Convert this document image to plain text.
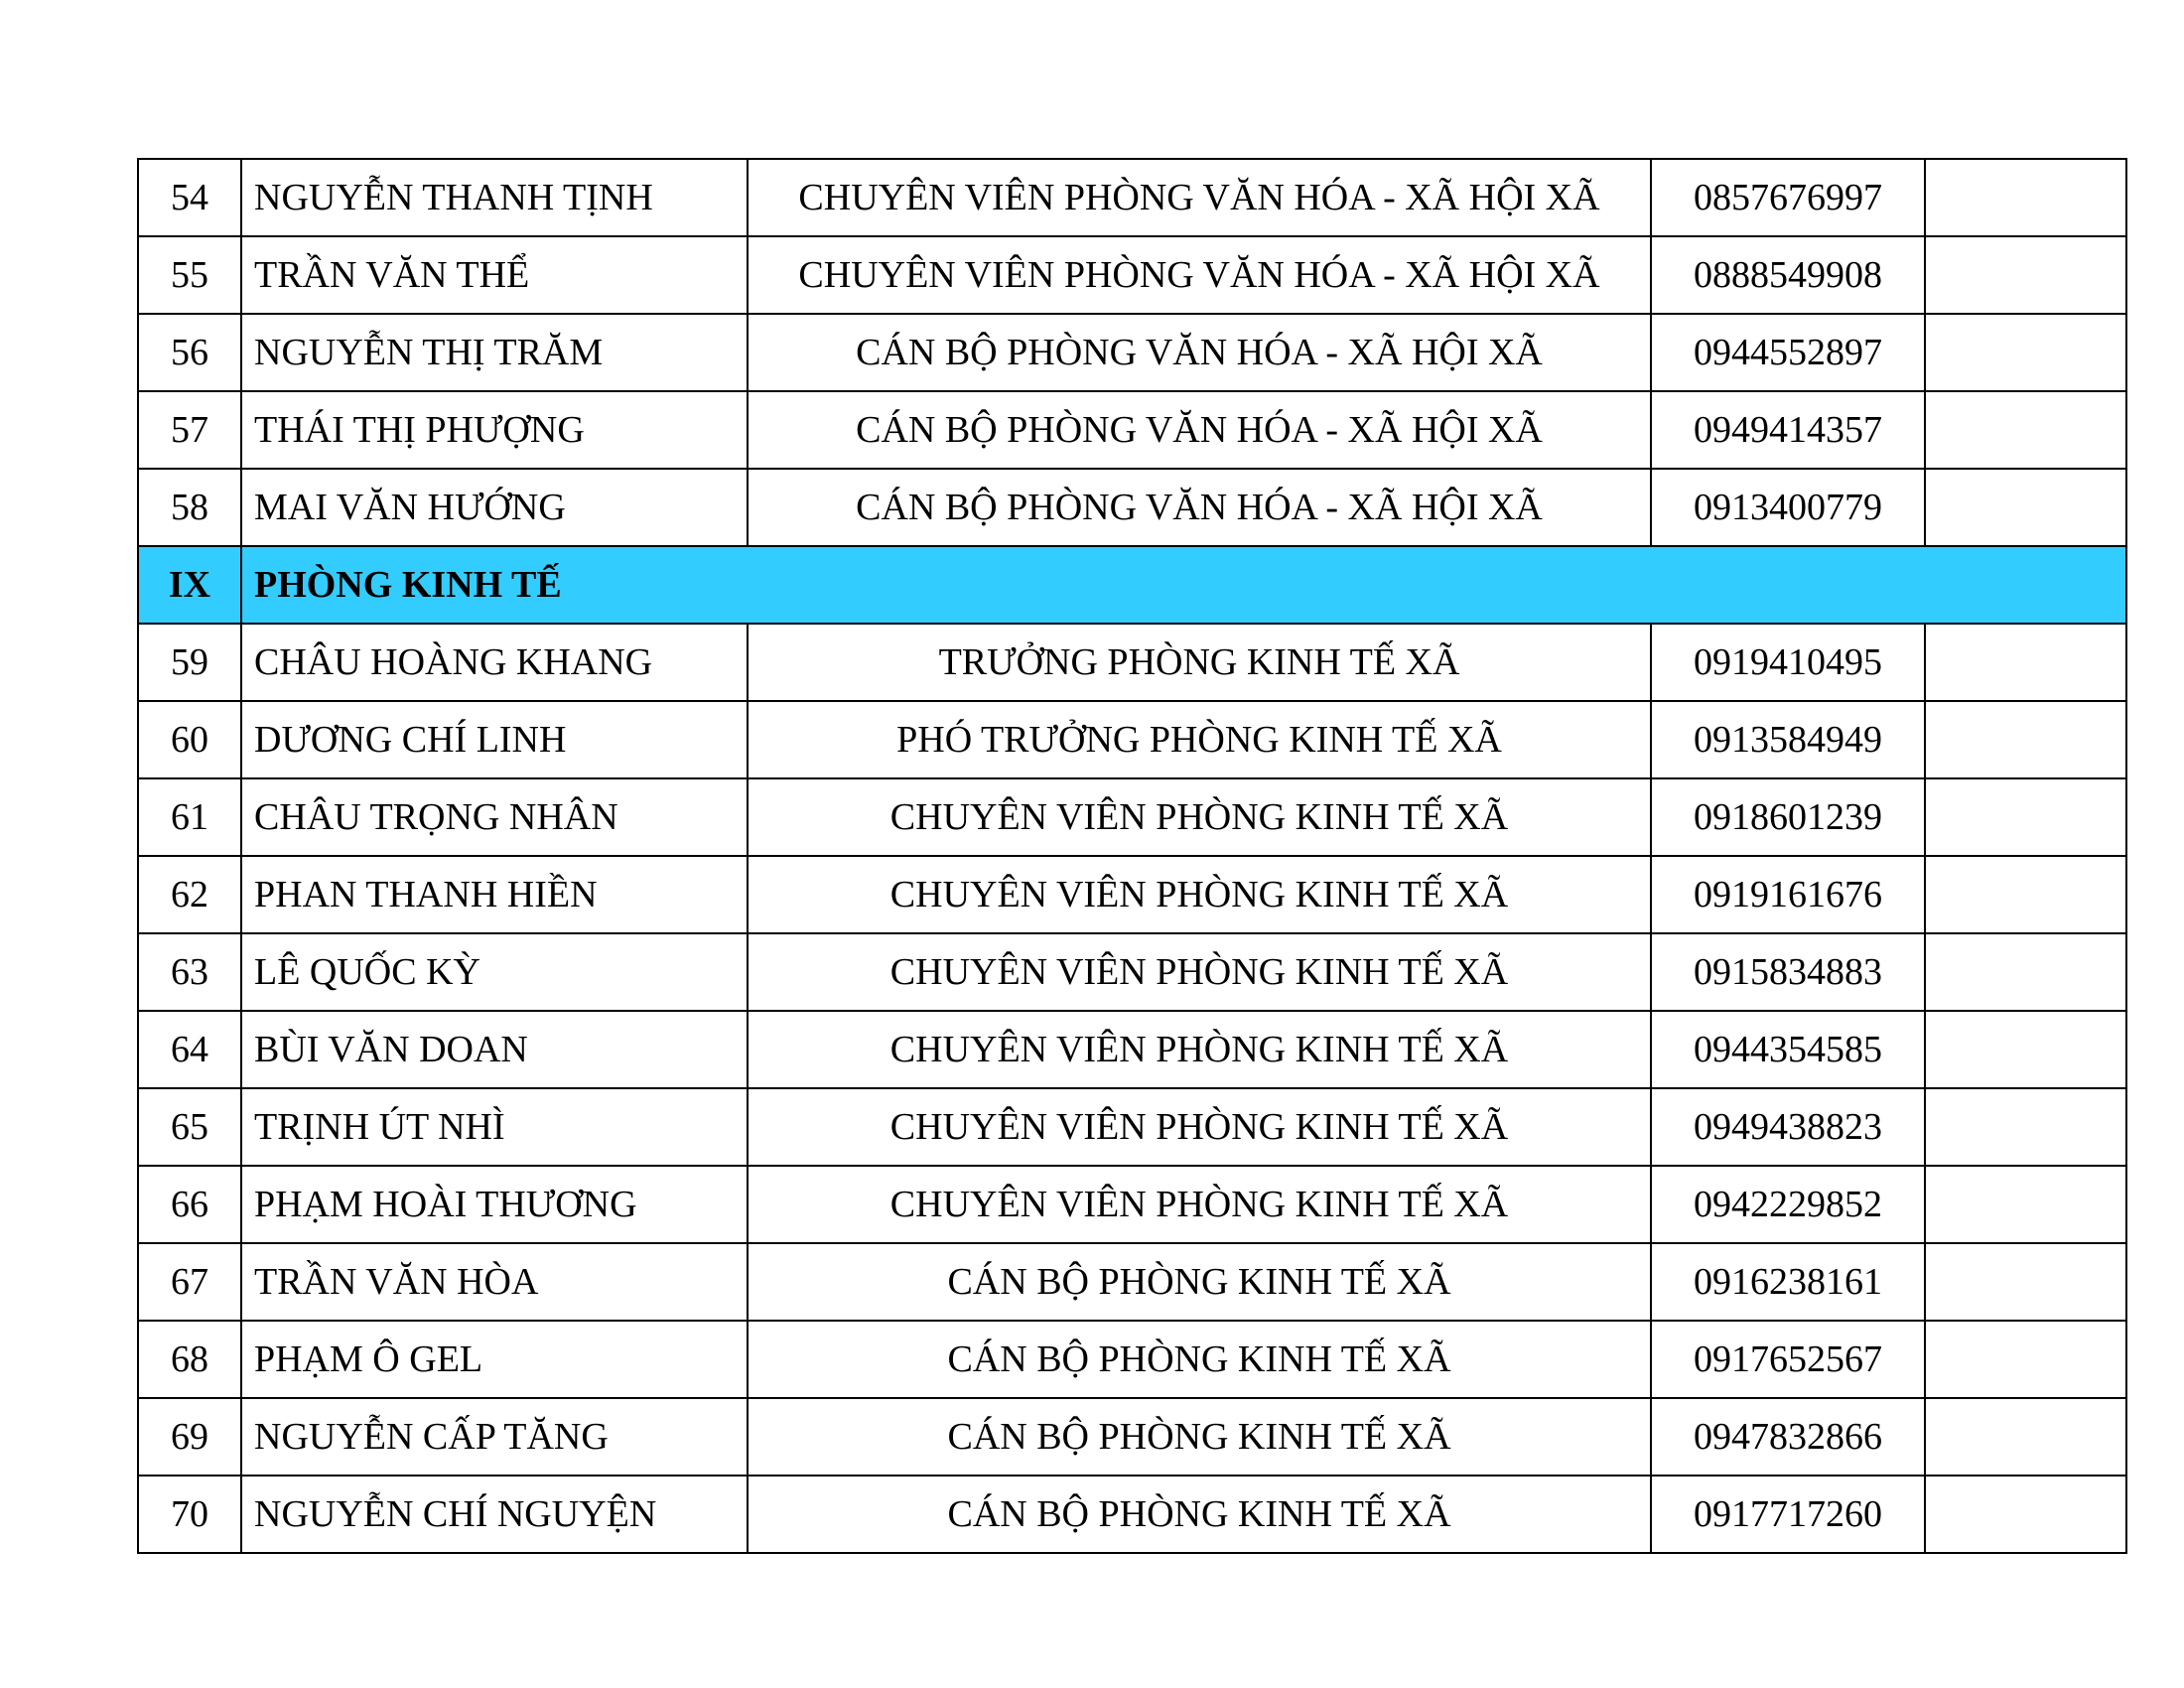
54	NGUYỄN THANH TỊNH	CHUYÊN VIÊN PHÒNG VĂN HÓA - XÃ HỘI XÃ	0857676997	
55	TRẦN VĂN THỂ	CHUYÊN VIÊN PHÒNG VĂN HÓA - XÃ HỘI XÃ	0888549908	
56	NGUYỄN THỊ TRĂM	CÁN BỘ PHÒNG VĂN HÓA - XÃ HỘI XÃ	0944552897	
57	THÁI THỊ PHƯỢNG	CÁN BỘ PHÒNG VĂN HÓA - XÃ HỘI XÃ	0949414357	
58	MAI VĂN HƯỚNG	CÁN BỘ PHÒNG VĂN HÓA - XÃ HỘI XÃ	0913400779	
IX	PHÒNG KINH TẾ			
59	CHÂU HOÀNG KHANG	TRƯỞNG PHÒNG KINH TẾ XÃ	0919410495	
60	DƯƠNG CHÍ LINH	PHÓ TRƯỞNG PHÒNG KINH TẾ XÃ	0913584949	
61	CHÂU TRỌNG NHÂN	CHUYÊN VIÊN PHÒNG KINH TẾ XÃ	0918601239	
62	PHAN THANH HIỀN	CHUYÊN VIÊN PHÒNG KINH TẾ XÃ	0919161676	
63	LÊ QUỐC KỲ	CHUYÊN VIÊN PHÒNG KINH TẾ XÃ	0915834883	
64	BÙI VĂN DOAN	CHUYÊN VIÊN PHÒNG KINH TẾ XÃ	0944354585	
65	TRỊNH ÚT NHÌ	CHUYÊN VIÊN PHÒNG KINH TẾ XÃ	0949438823	
66	PHẠM HOÀI THƯƠNG	CHUYÊN VIÊN PHÒNG KINH TẾ XÃ	0942229852	
67	TRẦN VĂN HÒA	CÁN BỘ PHÒNG KINH TẾ XÃ	0916238161	
68	PHẠM Ô GEL	CÁN BỘ PHÒNG KINH TẾ XÃ	0917652567	
69	NGUYỄN CẤP TĂNG	CÁN BỘ PHÒNG KINH TẾ XÃ	0947832866	
70	NGUYỄN CHÍ NGUYỆN	CÁN BỘ PHÒNG KINH TẾ XÃ	0917717260	
